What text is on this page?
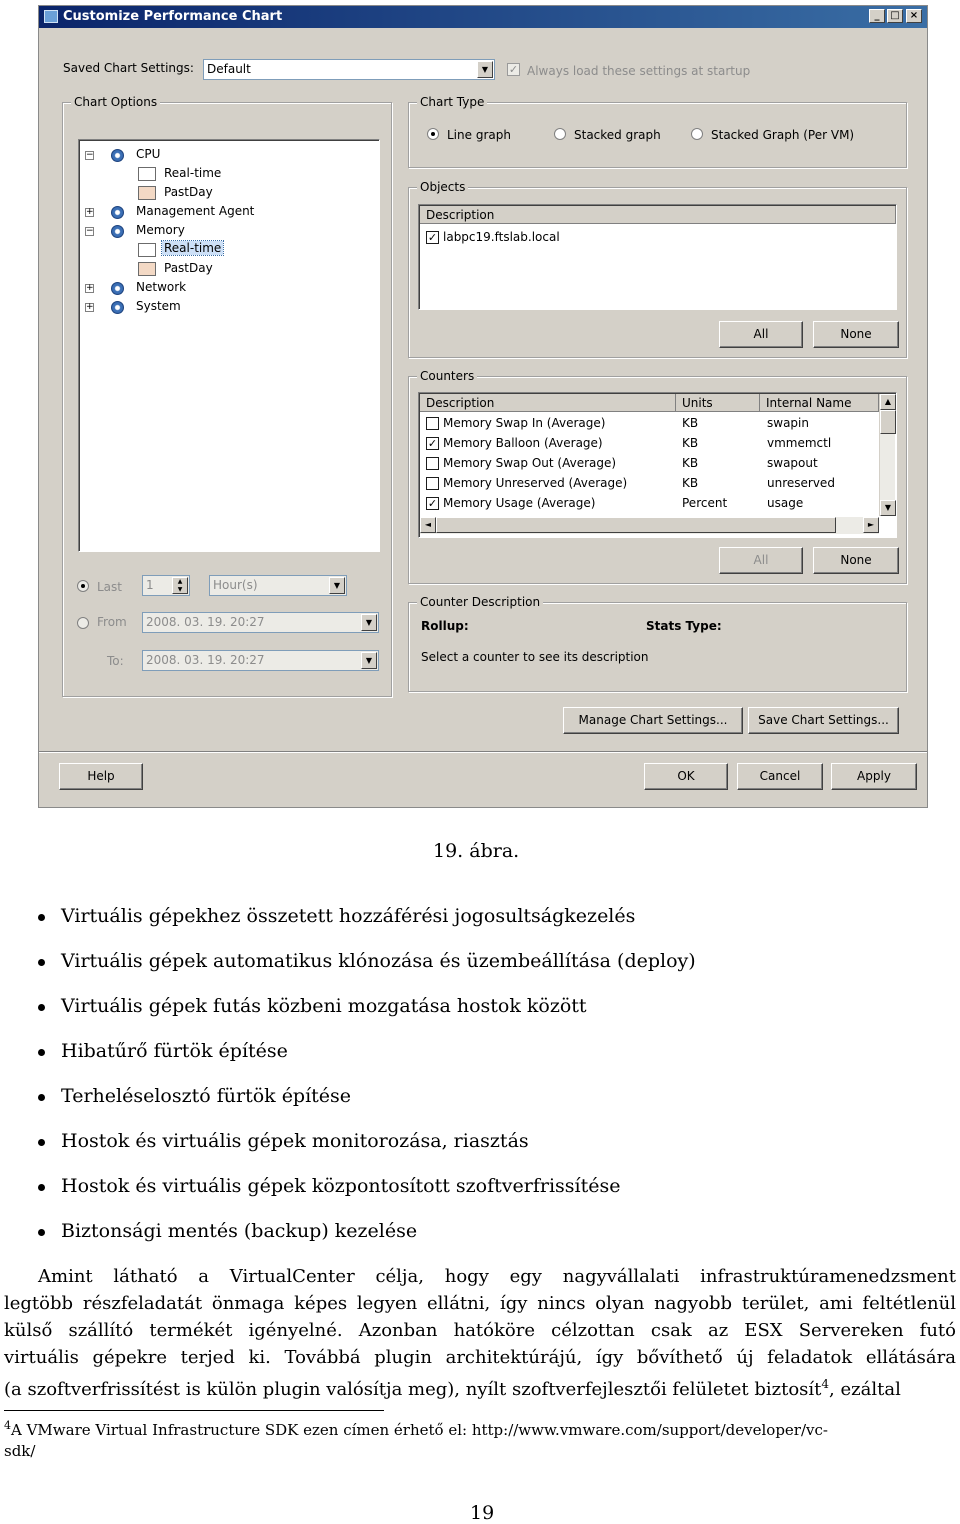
Customize Performance Chart	_	□	×
Saved Chart Settings: Default	▼	✓ Always load these settings at startup
Chart Options
−	CPU
Real-time
PastDay
+	Management Agent
−	Memory
Real-time
PastDay
+	Network
+	System
Last 1	▲
▼	Hour(s)	▼
From 2008. 03. 19. 20:27	▼
To: 2008. 03. 19. 20:27	▼
Chart Type
Line graph	Stacked graph	Stacked Graph (Per VM)
Objects
Description
✓ labpc19.ftslab.local
All	None
Counters
Description	Units	Internal Name
Memory Swap In (Average)	KB	swapin
✓ Memory Balloon (Average)	KB	vmmemctl
Memory Swap Out (Average)	KB	swapout
Memory Unreserved (Average)	KB	unreserved
✓ Memory Usage (Average)	Percent	usage
▲
▼
◄	►
All	None
Counter Description
Rollup:	Stats Type:
Select a counter to see its description
Manage Chart Settings...	Save Chart Settings...
Help	OK	Cancel	Apply
19. ábra.
Virtuális gépekhez összetett hozzáférési jogosultságkezelés
Virtuális gépek automatikus klónozása és üzembeállítása (deploy)
Virtuális gépek futás közbeni mozgatása hostok között
Hibatűrő fürtök építése
Terheléselosztó fürtök építése
Hostok és virtuális gépek monitorozása, riasztás
Hostok és virtuális gépek központosított szoftverfrissítése
Biztonsági mentés (backup) kezelése
Amint látható a VirtualCenter célja, hogy egy nagyvállalati infrastruktúramenedzsment
legtöbb részfeladatát önmaga képes legyen ellátni, így nincs olyan nagyobb terület, ami feltétlenül
külső szállító termékét igényelné. Azonban hatóköre célzottan csak az ESX Servereken futó
virtuális gépekre terjed ki. Továbbá plugin architektúrájú, így bővíthető új feladatok ellátására
(a szoftverfrissítést is külön plugin valósítja meg), nyílt szoftverfejlesztői felületet biztosít$^4$, ezáltal
$^4$A VMware Virtual Infrastructure SDK ezen címen érhető el: http://www.vmware.com/support/developer/vc-
sdk/
19
